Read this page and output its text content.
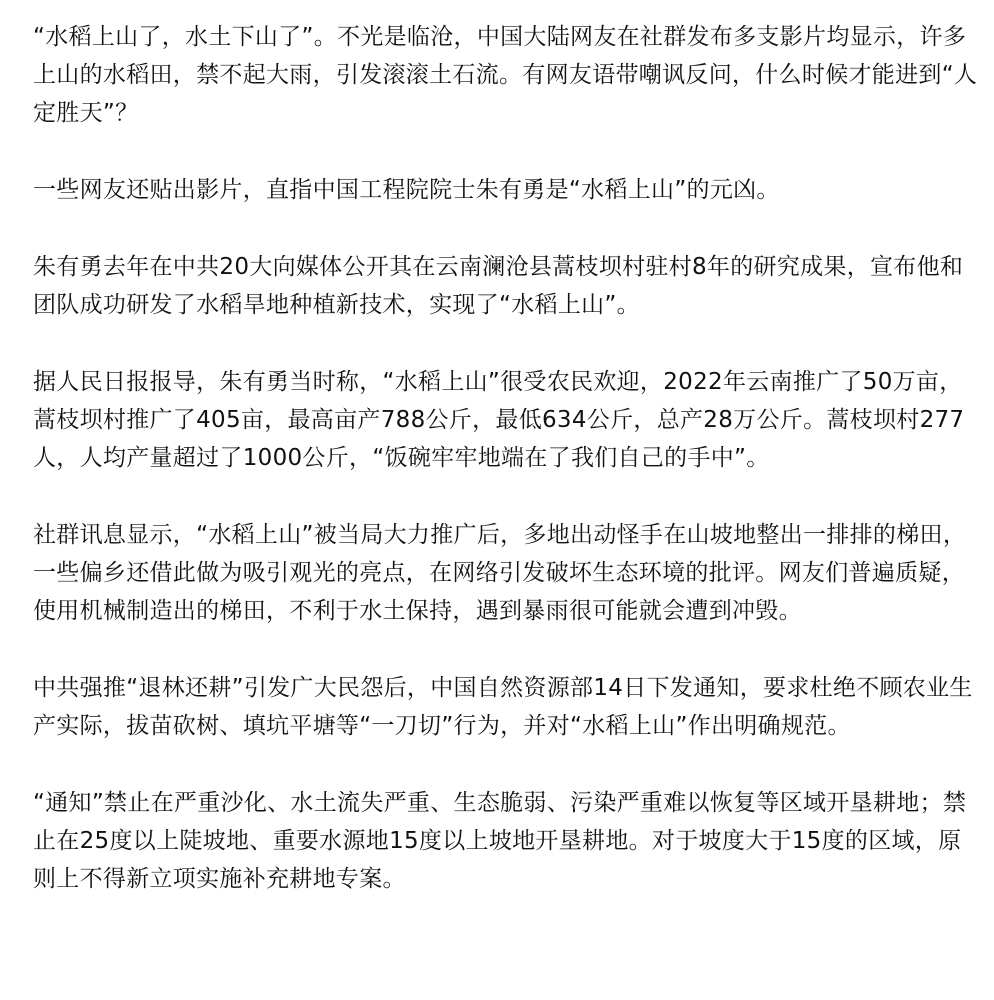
“水稻上山了，水土下山了”。不光是临沧，中国大陆网友在社群发布多支影片均显示，许多上山的水稻田，禁不起大雨，引发滚滚土石流。有网友语带嘲讽反问，什么时候才能进到“人定胜天”？

一些网友还贴出影片，直指中国工程院院士朱有勇是“水稻上山”的元凶。

朱有勇去年在中共20大向媒体公开其在云南澜沧县蒿枝坝村驻村8年的研究成果，宣布他和团队成功研发了水稻旱地种植新技术，实现了“水稻上山”。

据人民日报报导，朱有勇当时称，“水稻上山”很受农民欢迎，2022年云南推广了50万亩，蒿枝坝村推广了405亩，最高亩产788公斤，最低634公斤，总产28万公斤。蒿枝坝村277人，人均产量超过了1000公斤，“饭碗牢牢地端在了我们自己的手中”。

社群讯息显示，“水稻上山”被当局大力推广后，多地出动怪手在山坡地整出一排排的梯田，一些偏乡还借此做为吸引观光的亮点，在网络引发破坏生态环境的批评。网友们普遍质疑，使用机械制造出的梯田，不利于水土保持，遇到暴雨很可能就会遭到冲毁。

中共强推“退林还耕”引发广大民怨后，中国自然资源部14日下发通知，要求杜绝不顾农业生产实际，拔苗砍树、填坑平塘等“一刀切”行为，并对“水稻上山”作出明确规范。

“通知”禁止在严重沙化、水土流失严重、生态脆弱、污染严重难以恢复等区域开垦耕地；禁止在25度以上陡坡地、重要水源地15度以上坡地开垦耕地。对于坡度大于15度的区域，原则上不得新立项实施补充耕地专案。
